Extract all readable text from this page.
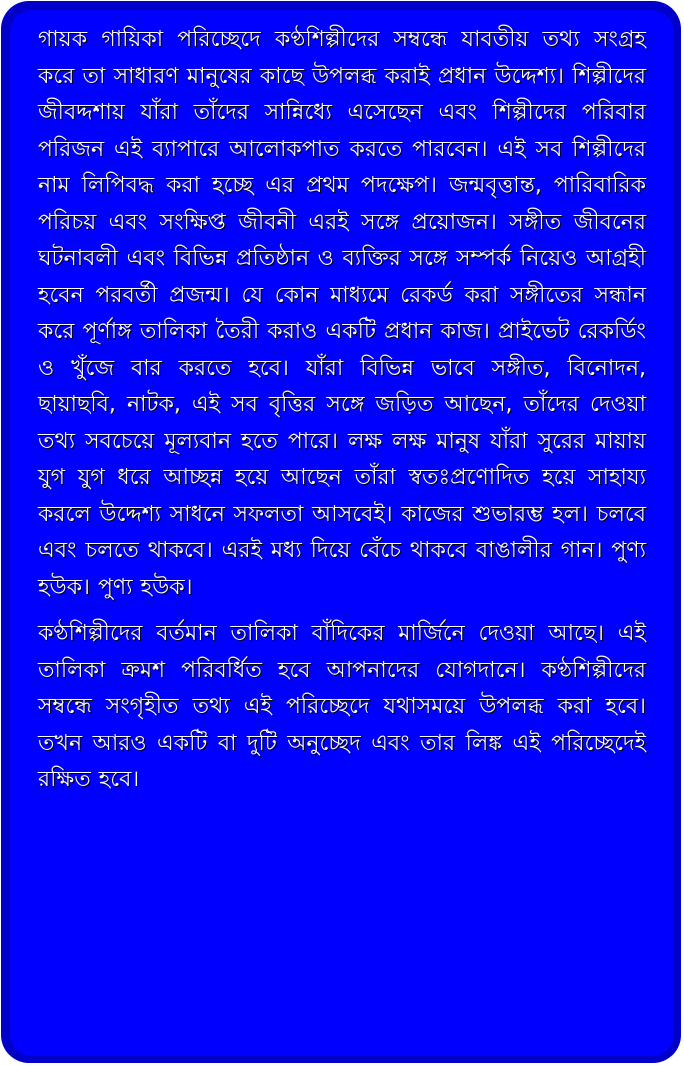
গায়ক গায়িকা পরিচ্ছেদে কণ্ঠশিল্পীদের সম্বন্ধে যাবতীয় তথ্য সংগ্রহ করে তা সাধারণ মানুষের কাছে উপলব্ধ করাই প্রধান উদ্দেশ্য। শিল্পীদের জীবদ্দশায় যাঁরা তাঁদের সান্নিধ্যে এসেছেন এবং শিল্পীদের পরিবার পরিজন এই ব্যাপারে আলোকপাত করতে পারবেন। এই সব শিল্পীদের নাম লিপিবদ্ধ করা হচ্ছে এর প্রথম পদক্ষেপ। জন্মবৃত্তান্ত, পারিবারিক পরিচয় এবং সংক্ষিপ্ত জীবনী এরই সঙ্গে প্রয়োজন। সঙ্গীত জীবনের ঘটনাবলী এবং বিভিন্ন প্রতিষ্ঠান ও ব্যক্তির সঙ্গে সম্পর্ক নিয়েও আগ্রহী হবেন পরবর্তী প্রজন্ম। যে কোন মাধ্যমে রেকর্ড করা সঙ্গীতের সন্ধান করে পূর্ণাঙ্গ তালিকা তৈরী করাও একটি প্রধান কাজ। প্রাইভেট রেকর্ডিং ও খুঁজে বার করতে হবে। যাঁরা বিভিন্ন ভাবে সঙ্গীত, বিনোদন, ছায়াছবি, নাটক, এই সব বৃত্তির সঙ্গে জড়িত আছেন, তাঁদের দেওয়া তথ্য সবচেয়ে মূল্যবান হতে পারে। লক্ষ লক্ষ মানুষ যাঁরা সুরের মায়ায় যুগ যুগ ধরে আচ্ছন্ন হয়ে আছেন তাঁরা স্বতঃপ্রণোদিত হয়ে সাহায্য করলে উদ্দেশ্য সাধনে সফলতা আসবেই। কাজের শুভারম্ভ হল। চলবে এবং চলতে থাকবে। এরই মধ্য দিয়ে বেঁচে থাকবে বাঙালীর গান। পুণ্য হউক। পুণ্য হউক।

কণ্ঠশিল্পীদের বর্তমান তালিকা বাঁদিকের মার্জিনে দেওয়া আছে। এই তালিকা ক্রমশ পরিবর্ধিত হবে আপনাদের যোগদানে। কণ্ঠশিল্পীদের সম্বন্ধে সংগৃহীত তথ্য এই পরিচ্ছেদে যথাসময়ে উপলব্ধ করা হবে। তখন আরও একটি বা দুটি অনুচ্ছেদ এবং তার লিঙ্ক এই পরিচ্ছেদেই রক্ষিত হবে।
